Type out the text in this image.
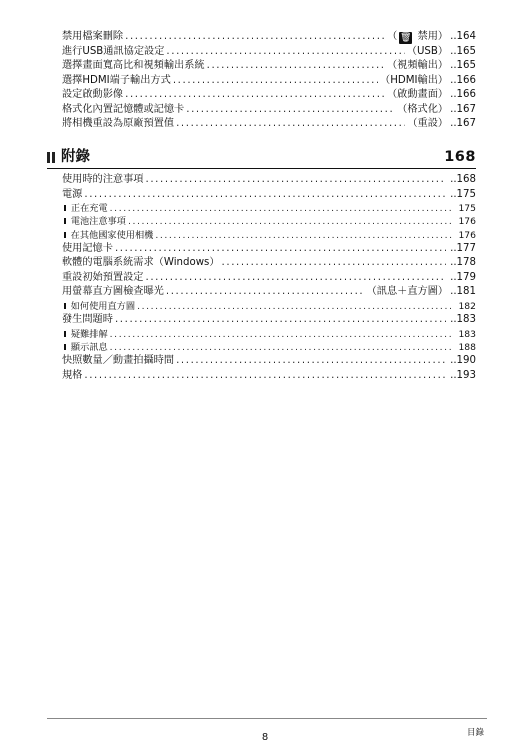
禁用檔案刪除 .....	（ 🗑︎ 禁用） ..164
進行USB通訊協定設定 .....	（USB） ..165
選擇畫面寬高比和視頻輸出系統 .....	（視頻輸出） ..165
選擇HDMI端子輸出方式 .....	（HDMI輸出） ..166
設定啟動影像 .....	（啟動畫面） ..166
格式化內置記憶體或記憶卡 .....	（格式化） ..167
將相機重設為原廠預置值 .....	（重設） ..167
附錄	168
使用時的注意事項 .....	..168
電源 .....	..175
正在充電 .....	175
電池注意事項 .....	176
在其他國家使用相機 .....	176
使用記憶卡 .....	..177
軟體的電腦系統需求（Windows） .....	..178
重設初始預置設定 .....	..179
用螢幕直方圖檢查曝光 .....	（訊息＋直方圖） ..181
如何使用直方圖 .....	182
發生問題時 .....	..183
疑難排解 .....	183
顯示訊息 .....	188
快照數量／動畫拍攝時間 .....	..190
規格 .....	..193
8	目錄
